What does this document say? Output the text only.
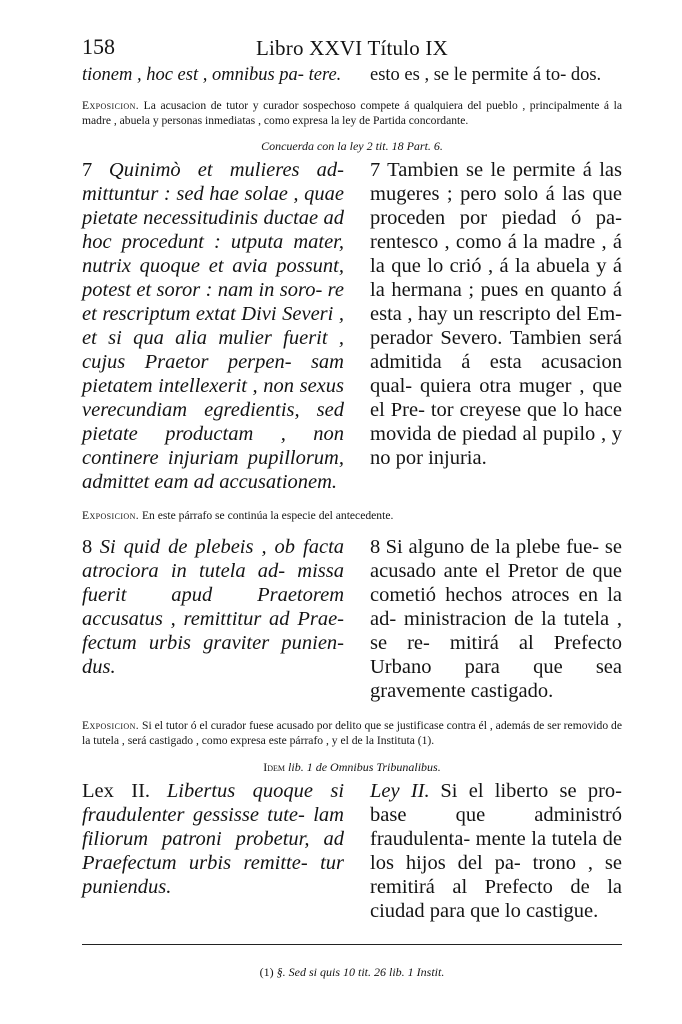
158	Libro XXVI Título IX
tionem , hoc est , omnibus pa- tere. esto es , se le permite á to- dos.

Exposicion. La acusacion de tutor y curador sospechoso compete á qualquiera del pueblo , principalmente á la madre , abuela y personas inmediatas , como expresa la ley de Partida concordante.

Concuerda con la ley 2 tit. 18 Part. 6.
7 Quinimò et mulieres ad- mittuntur : sed hae solae , quae pietate necessitudinis ductae ad hoc procedunt : utputa mater, nutrix quoque et avia possunt, potest et soror : nam in soro- re et rescriptum extat Divi Severi , et si qua alia mulier fuerit , cujus Praetor perpen- sam pietatem intellexerit , non sexus verecundiam egredientis, sed pietate productam , non continere injuriam pupillorum, admittet eam ad accusationem.
7 Tambien se le permite á las mugeres ; pero solo á las que proceden por piedad ó pa- rentesco , como á la madre , á la que lo crió , á la abuela y á la hermana ; pues en quanto á esta , hay un rescripto del Em- perador Severo. Tambien será admitida á esta acusacion qual- quiera otra muger , que el Pre- tor creyese que lo hace movida de piedad al pupilo , y no por injuria.

Exposicion. En este párrafo se continúa la especie del antecedente.

8 Si quid de plebeis , ob facta atrociora in tutela ad- missa fuerit apud Praetorem accusatus , remittitur ad Prae- fectum urbis graviter punien- dus.
8 Si alguno de la plebe fue- se acusado ante el Pretor de que cometió hechos atroces en la ad- ministracion de la tutela , se re- mitirá al Prefecto Urbano para que sea gravemente castigado.

Exposicion. Si el tutor ó el curador fuese acusado por delito que se justificase contra él , además de ser removido de la tutela , será castigado , como expresa este párrafo , y el de la Instituta (1).

Idem lib. 1 de Omnibus Tribunalibus.
Lex II. Libertus quoque si fraudulenter gessisse tute- lam filiorum patroni probetur, ad Praefectum urbis remitte- tur puniendus.
Ley II. Si el liberto se pro- base que administró fraudulenta- mente la tutela de los hijos del pa- trono , se remitirá al Prefecto de la ciudad para que lo castigue.
(1) §. Sed si quis 10 tit. 26 lib. 1 Instit.
